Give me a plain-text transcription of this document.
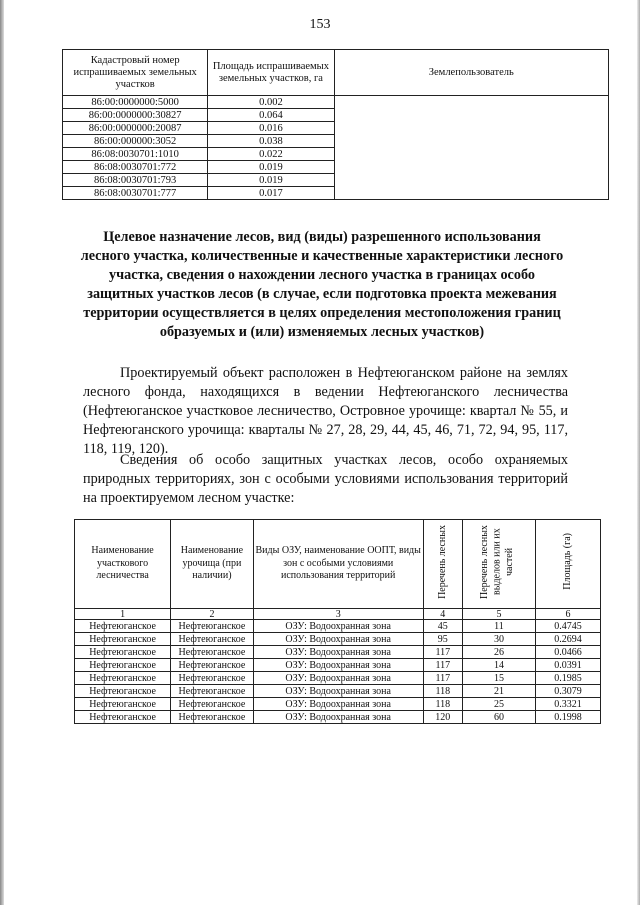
153
Кадастровый номер испрашиваемых земельных участков	Площадь испрашиваемых земельных участков, га	Землепользователь
86:00:0000000:5000	0.002	
86:00:0000000:30827	0.064	
86:00:0000000:20087	0.016	
86:00:000000:3052	0.038	
86:08:0030701:1010	0.022	
86:08:0030701:772	0.019	
86:08:0030701:793	0.019	
86:08:0030701:777	0.017	
Целевое назначение лесов, вид (виды) разрешенного использования лесного участка, количественные и качественные характеристики лесного участка, сведения о нахождении лесного участка в границах особо защитных участков лесов (в случае, если подготовка проекта межевания территории осуществляется в целях определения местоположения границ образуемых и (или) изменяемых лесных участков)

Проектируемый объект расположен в Нефтеюганском районе на землях лесного фонда, находящихся в ведении Нефтеюганского лесничества (Нефтеюганское участковое лесничество, Островное урочище: квартал № 55, и Нефтеюганского урочища: кварталы № 27, 28, 29, 44, 45, 46, 71, 72, 94, 95, 117, 118, 119, 120).

Сведения об особо защитных участках лесов, особо охраняемых природных территориях, зон с особыми условиями использования территорий на проектируемом лесном участке:

Наименование участкового лесничества	Наименование урочища (при наличии)	Виды ОЗУ, наименование ООПТ, виды зон с особыми условиями использования территорий	Перечень лесных	Перечень лесных выделов или их частей	Площадь (га)
1	2	3	4	5	6
Нефтеюганское	Нефтеюганское	ОЗУ: Водоохранная зона	45	11	0.4745
Нефтеюганское	Нефтеюганское	ОЗУ: Водоохранная зона	95	30	0.2694
Нефтеюганское	Нефтеюганское	ОЗУ: Водоохранная зона	117	26	0.0466
Нефтеюганское	Нефтеюганское	ОЗУ: Водоохранная зона	117	14	0.0391
Нефтеюганское	Нефтеюганское	ОЗУ: Водоохранная зона	117	15	0.1985
Нефтеюганское	Нефтеюганское	ОЗУ: Водоохранная зона	118	21	0.3079
Нефтеюганское	Нефтеюганское	ОЗУ: Водоохранная зона	118	25	0.3321
Нефтеюганское	Нефтеюганское	ОЗУ: Водоохранная зона	120	60	0.1998
